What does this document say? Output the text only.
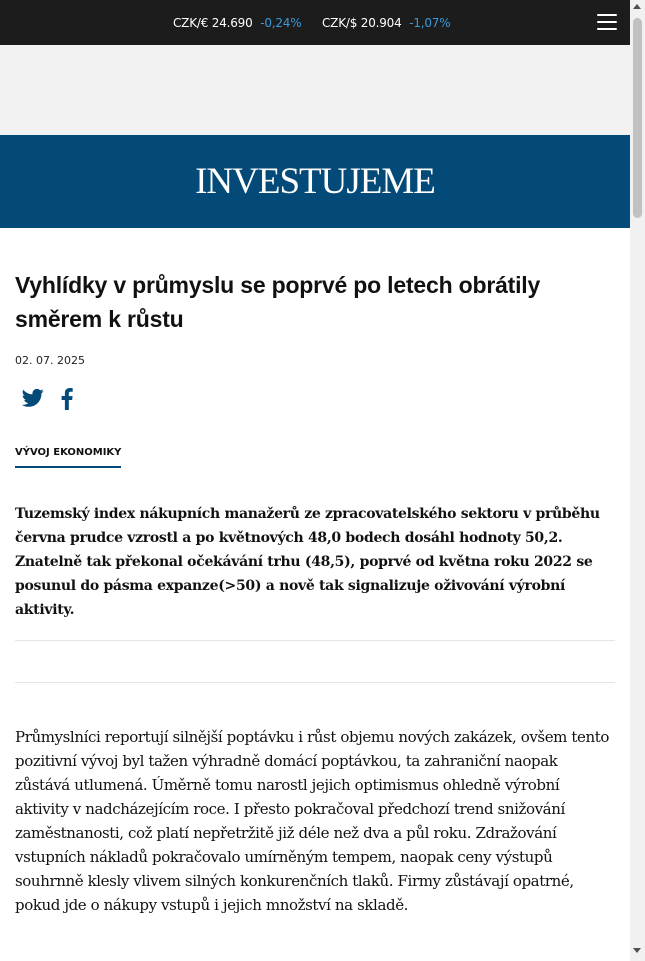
CZK/€ 24.690 -0,24% CZK/$ 20.904 -1,07%
INVESTUJEME
Vyhlídky v průmyslu se poprvé po letech obrátily směrem k růstu
02. 07. 2025
VÝVOJ EKONOMIKY

Tuzemský index nákupních manažerů ze zpracovatelského sektoru v průběhu června prudce vzrostl a po květnových 48,0 bodech dosáhl hodnoty 50,2. Znatelně tak překonal očekávání trhu (48,5), poprvé od května roku 2022 se posunul do pásma expanze(>50) a nově tak signalizuje oživování výrobní aktivity.

Průmyslníci reportují silnější poptávku i růst objemu nových zakázek, ovšem tento pozitivní vývoj byl tažen výhradně domácí poptávkou, ta zahraniční naopak zůstává utlumená. Úměrně tomu narostl jejich optimismus ohledně výrobní aktivity v nadcházejícím roce. I přesto pokračoval předchozí trend snižování zaměstnanosti, což platí nepřetržitě již déle než dva a půl roku. Zdražování vstupních nákladů pokračovalo umírněným tempem, naopak ceny výstupů souhrnně klesly vlivem silných konkurenčních tlaků. Firmy zůstávají opatrné, pokud jde o nákupy vstupů i jejich množství na skladě.
